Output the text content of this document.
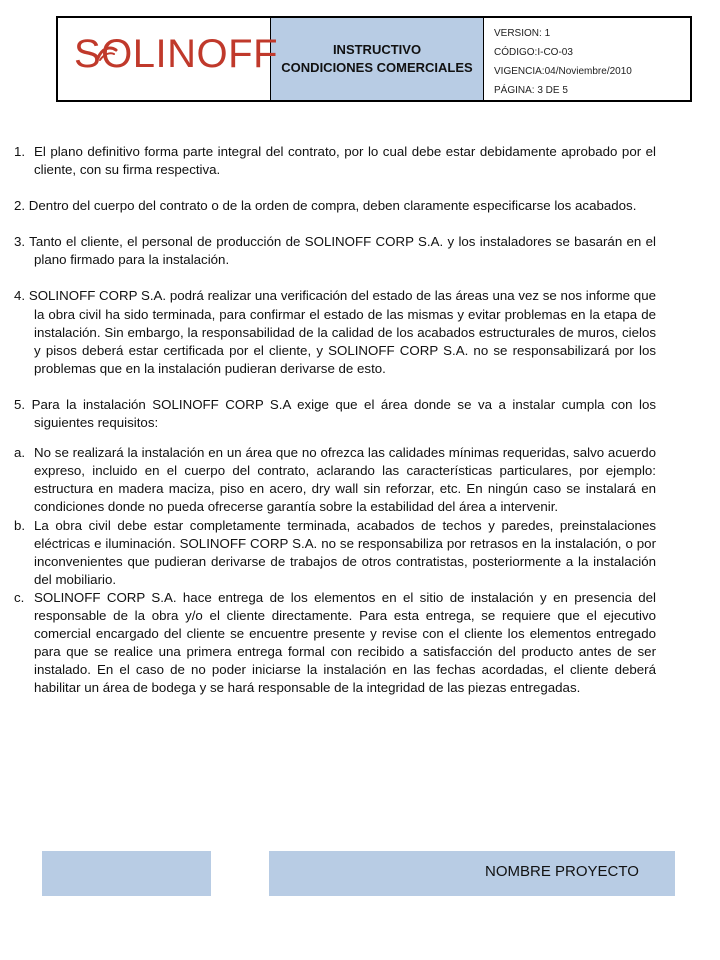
SOLINOFF	INSTRUCTIVO
CONDICIONES COMERCIALES
VERSION: 1
CÓDIGO:I-CO-03
VIGENCIA:04/Noviembre/2010
PÁGINA: 3 DE 5
1. El plano definitivo forma parte integral del contrato, por lo cual debe estar debidamente aprobado por el cliente, con su firma respectiva.
2. Dentro del cuerpo del contrato o de la orden de compra, deben claramente especificarse los acabados.
3. Tanto el cliente, el personal de producción de SOLINOFF CORP S.A. y los instaladores se basarán en el plano firmado para la instalación.
4. SOLINOFF CORP S.A. podrá realizar una verificación del estado de las áreas una vez se nos informe que la obra civil ha sido terminada, para confirmar el estado de las mismas y evitar problemas en la etapa de instalación. Sin embargo, la responsabilidad de la calidad de los acabados estructurales de muros, cielos y pisos deberá estar certificada por el cliente, y SOLINOFF CORP S.A. no se responsabilizará por los problemas que en la instalación pudieran derivarse de esto.
5. Para la instalación SOLINOFF CORP S.A exige que el área donde se va a instalar cumpla con los siguientes requisitos:
a. No se realizará la instalación en un área que no ofrezca las calidades mínimas requeridas, salvo acuerdo expreso, incluido en el cuerpo del contrato, aclarando las características particulares, por ejemplo: estructura en madera maciza, piso en acero, dry wall sin reforzar, etc. En ningún caso se instalará en condiciones donde no pueda ofrecerse garantía sobre la estabilidad del área a intervenir.
b. La obra civil debe estar completamente terminada, acabados de techos y paredes, preinstalaciones eléctricas e iluminación. SOLINOFF CORP S.A. no se responsabiliza por retrasos en la instalación, o por inconvenientes que pudieran derivarse de trabajos de otros contratistas, posteriormente a la instalación del mobiliario.
c. SOLINOFF CORP S.A. hace entrega de los elementos en el sitio de instalación y en presencia del responsable de la obra y/o el cliente directamente. Para esta entrega, se requiere que el ejecutivo comercial encargado del cliente se encuentre presente y revise con el cliente los elementos entregado para que se realice una primera entrega formal con recibido a satisfacción del producto antes de ser instalado. En el caso de no poder iniciarse la instalación en las fechas acordadas, el cliente deberá habilitar un área de bodega y se hará responsable de la integridad de las piezas entregadas.
NOMBRE PROYECTO
